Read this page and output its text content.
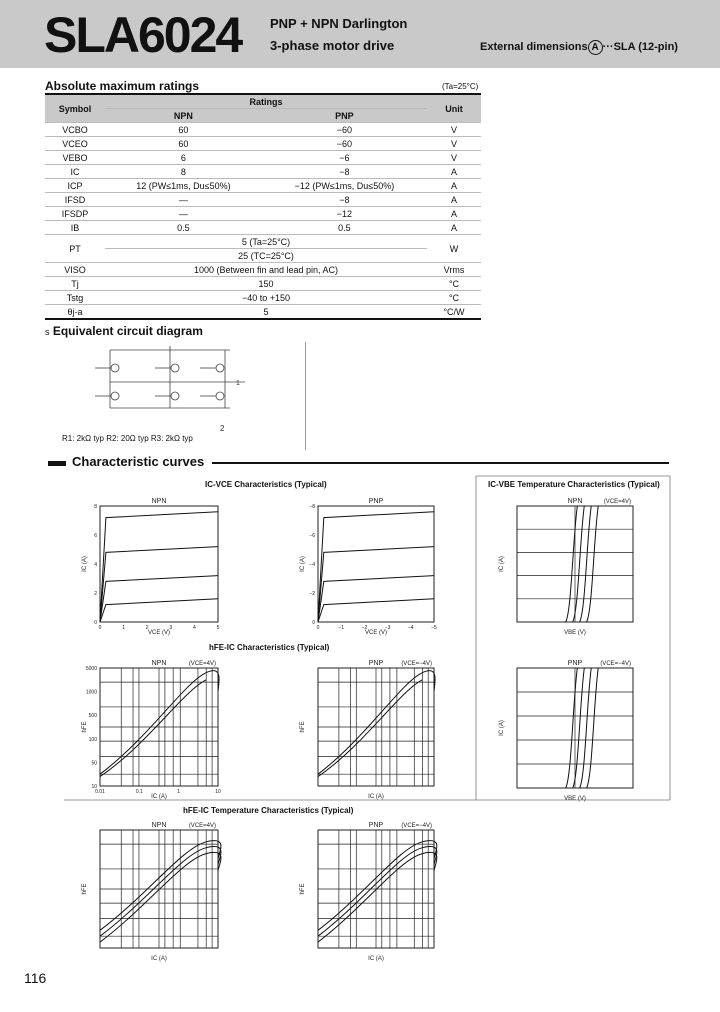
SLA6024 PNP + NPN Darlington
3-phase motor drive	External dimensions A ···SLA (12-pin)
Absolute maximum ratings	(Ta=25°C)
Symbol	Ratings		Unit
	NPN	PNP	
VCBO	60	−60	V
VCEO	60	−60	V
VEBO	6	−6	V
IC	8	−8	A
ICP	12 (PW≤1ms, Du≤50%)	−12 (PW≤1ms, Du≤50%)	A
IFSD	—	−8	A
IFSDP	—	−12	A
IB	0.5	0.5	A
PT	5 (Ta=25°C)		W
	25 (TC=25°C)		
VISO	1000 (Between fin and lead pin, AC)		Vrms
Tj	150		°C
Tstg	−40 to +150		°C
θj-a	5		°C/W
s Equivalent circuit diagram
1
2
R1: 2kΩ typ R2: 20Ω typ R3: 2kΩ typ
Characteristic curves
IC-VCE Characteristics (Typical)	IC-VBE Temperature Characteristics (Typical)
hFE-IC Characteristics (Typical)
hFE-IC Temperature Characteristics (Typical)
NPN
VCE (V)
IC (A)
8
6
4
2
0
0	1	2	3	4	5
PNP
VCE (V)
IC (A)
−8
−6
−4
−2
0
0	−1	−2	−3	−4	−5
NPN	(VCE=4V)
VBE (V)
IC (A)
PNP	(VCE=−4V)
VBE (V)
IC (A)
NPN	(VCE=4V)
IC (A)
hFE
5000
1000
500
100
50
10
0.01	0.1	1	10
PNP	(VCE=−4V)
IC (A)
hFE
NPN	(VCE=4V)
IC (A)
hFE
PNP	(VCE=−4V)
IC (A)
hFE
116
